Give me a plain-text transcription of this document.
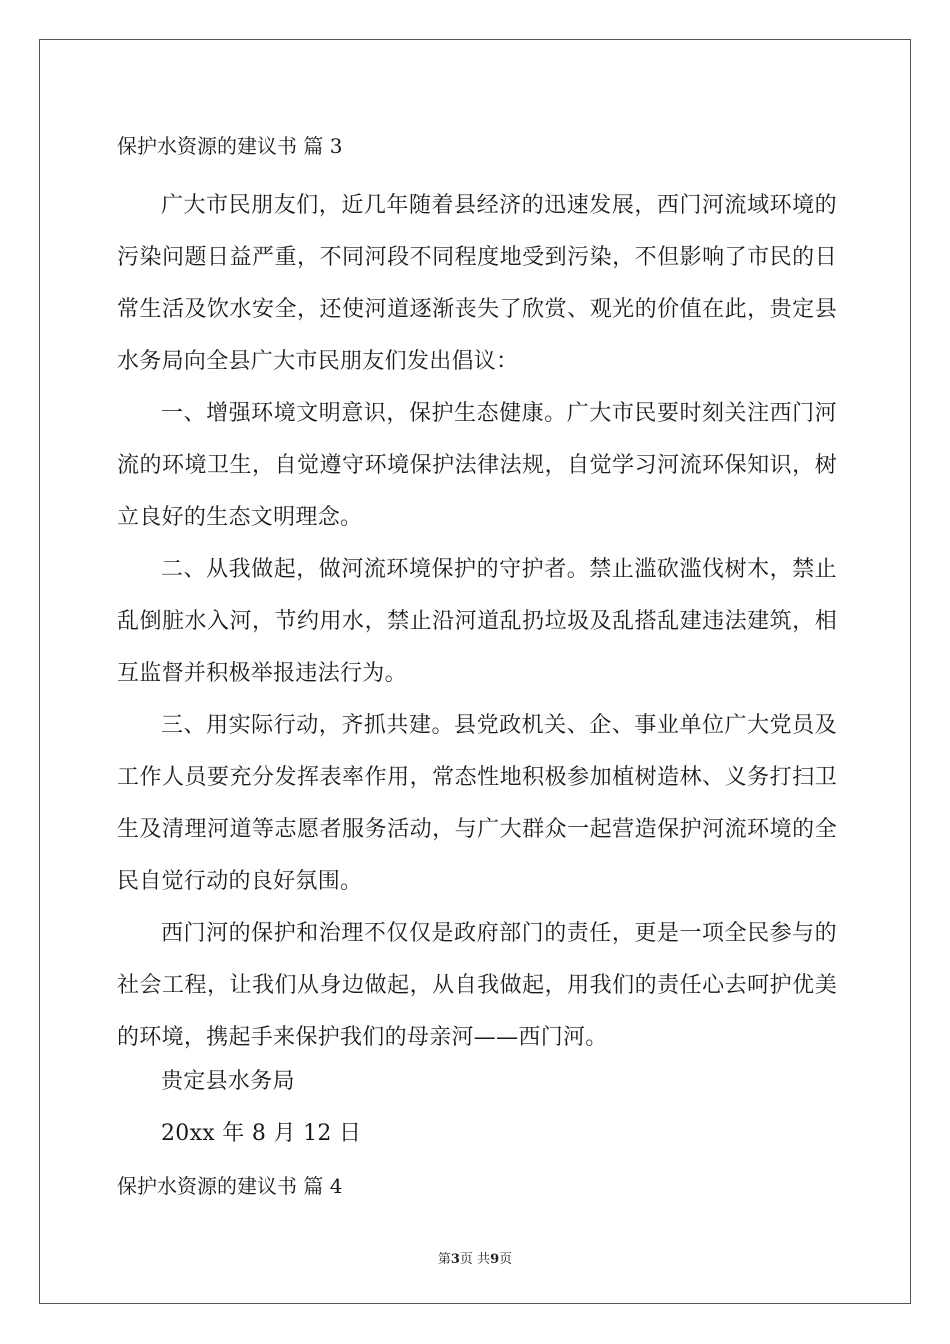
保护水资源的建议书 篇 3

广大市民朋友们，近几年随着县经济的迅速发展，西门河流域环境的污染问题日益严重，不同河段不同程度地受到污染，不但影响了市民的日常生活及饮水安全，还使河道逐渐丧失了欣赏、观光的价值在此，贵定县水务局向全县广大市民朋友们发出倡议：

一、增强环境文明意识，保护生态健康。广大市民要时刻关注西门河流的环境卫生，自觉遵守环境保护法律法规，自觉学习河流环保知识，树立良好的生态文明理念。

二、从我做起，做河流环境保护的守护者。禁止滥砍滥伐树木，禁止乱倒脏水入河，节约用水，禁止沿河道乱扔垃圾及乱搭乱建违法建筑，相互监督并积极举报违法行为。

三、用实际行动，齐抓共建。县党政机关、企、事业单位广大党员及工作人员要充分发挥表率作用，常态性地积极参加植树造林、义务打扫卫生及清理河道等志愿者服务活动，与广大群众一起营造保护河流环境的全民自觉行动的良好氛围。

西门河的保护和治理不仅仅是政府部门的责任，更是一项全民参与的社会工程，让我们从身边做起，从自我做起，用我们的责任心去呵护优美的环境，携起手来保护我们的母亲河——西门河。

贵定县水务局
20xx 年 8 月 12 日
保护水资源的建议书 篇 4
第3页 共9页
